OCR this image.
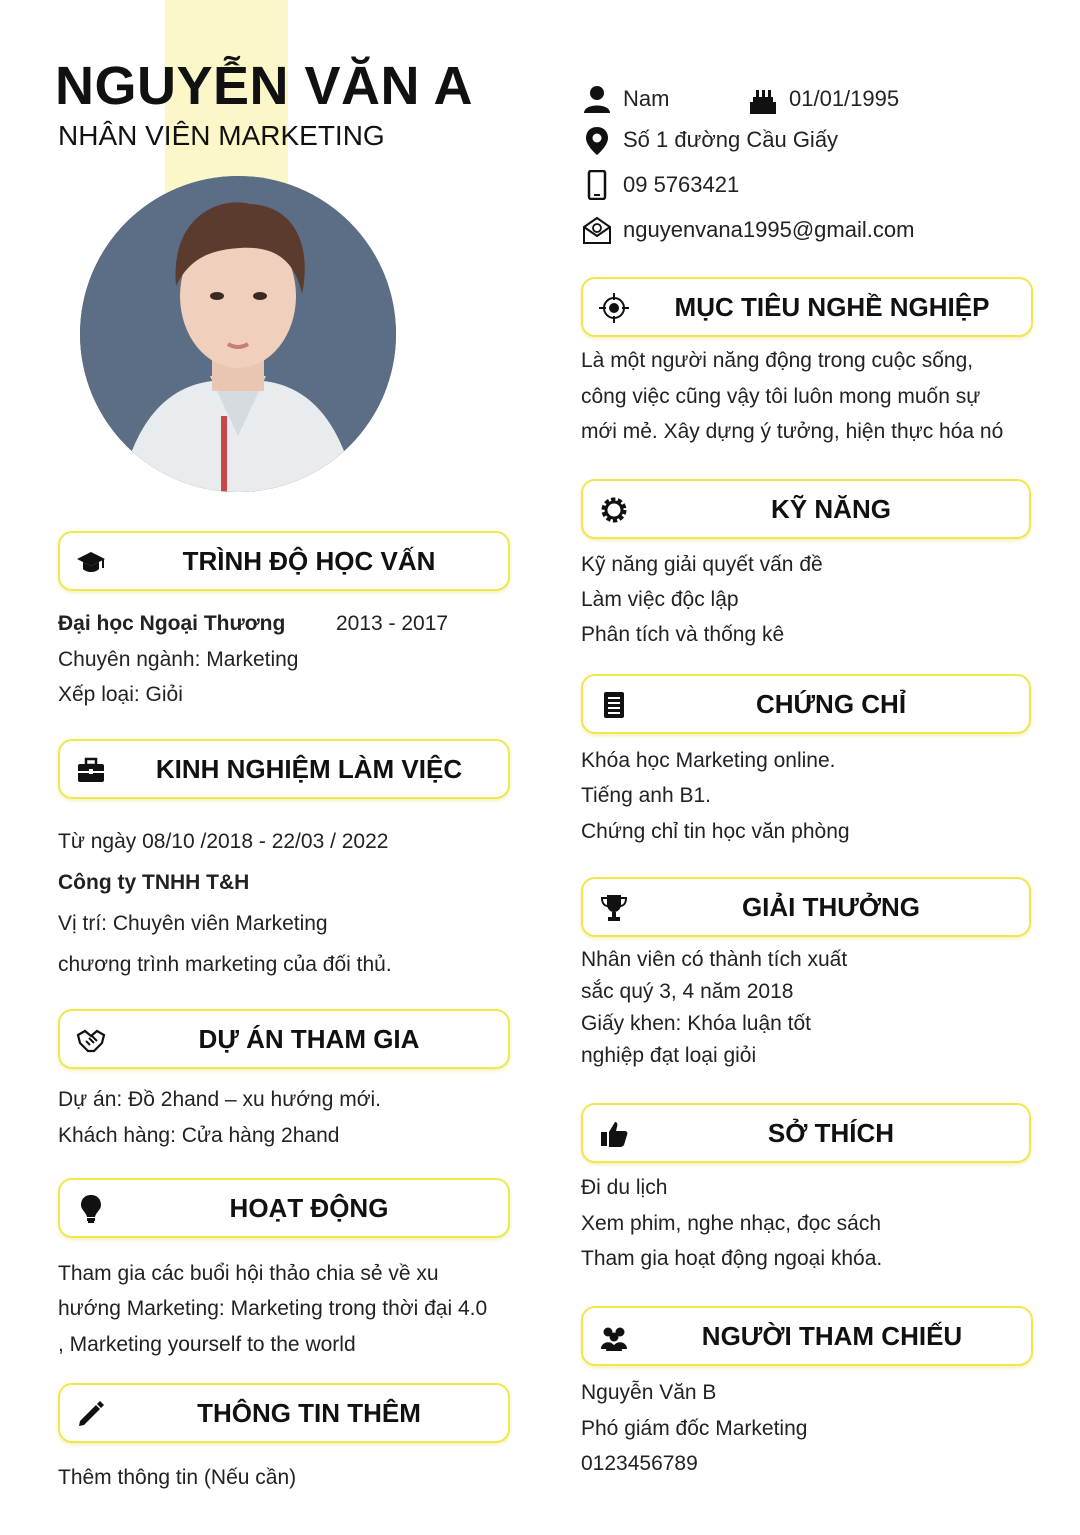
NGUYỄN VĂN A
NHÂN VIÊN MARKETING
Nam	01/01/1995
Số 1 đường Cầu Giấy
09 5763421
nguyenvana1995@gmail.com
TRÌNH ĐỘ HỌC VẤN
Đại học Ngoại Thương 2013 - 2017
Chuyên ngành: Marketing
Xếp loại: Giỏi
KINH NGHIỆM LÀM VIỆC
Từ ngày 08/10 /2018 - 22/03 / 2022
Công ty TNHH T&H
Vị trí: Chuyên viên Marketing
chương trình marketing của đối thủ.
DỰ ÁN THAM GIA
Dự án: Đồ 2hand – xu hướng mới.
Khách hàng: Cửa hàng 2hand
HOẠT ĐỘNG
Tham gia các buổi hội thảo chia sẻ về xu
hướng Marketing: Marketing trong thời đại 4.0
, Marketing yourself to the world
THÔNG TIN THÊM
Thêm thông tin (Nếu cần)
MỤC TIÊU NGHỀ NGHIỆP
Là một người năng động trong cuộc sống,
công việc cũng vậy tôi luôn mong muốn sự
mới mẻ. Xây dựng ý tưởng, hiện thực hóa nó
KỸ NĂNG
Kỹ năng giải quyết vấn đề
Làm việc độc lập
Phân tích và thống kê
CHỨNG CHỈ
Khóa học Marketing online.
Tiếng anh B1.
Chứng chỉ tin học văn phòng
GIẢI THƯỞNG
Nhân viên có thành tích xuất
sắc quý 3, 4 năm 2018
Giấy khen: Khóa luận tốt
nghiệp đạt loại giỏi
SỞ THÍCH
Đi du lịch
Xem phim, nghe nhạc, đọc sách
Tham gia hoạt động ngoại khóa.
NGƯỜI THAM CHIẾU
Nguyễn Văn B
Phó giám đốc Marketing
0123456789
